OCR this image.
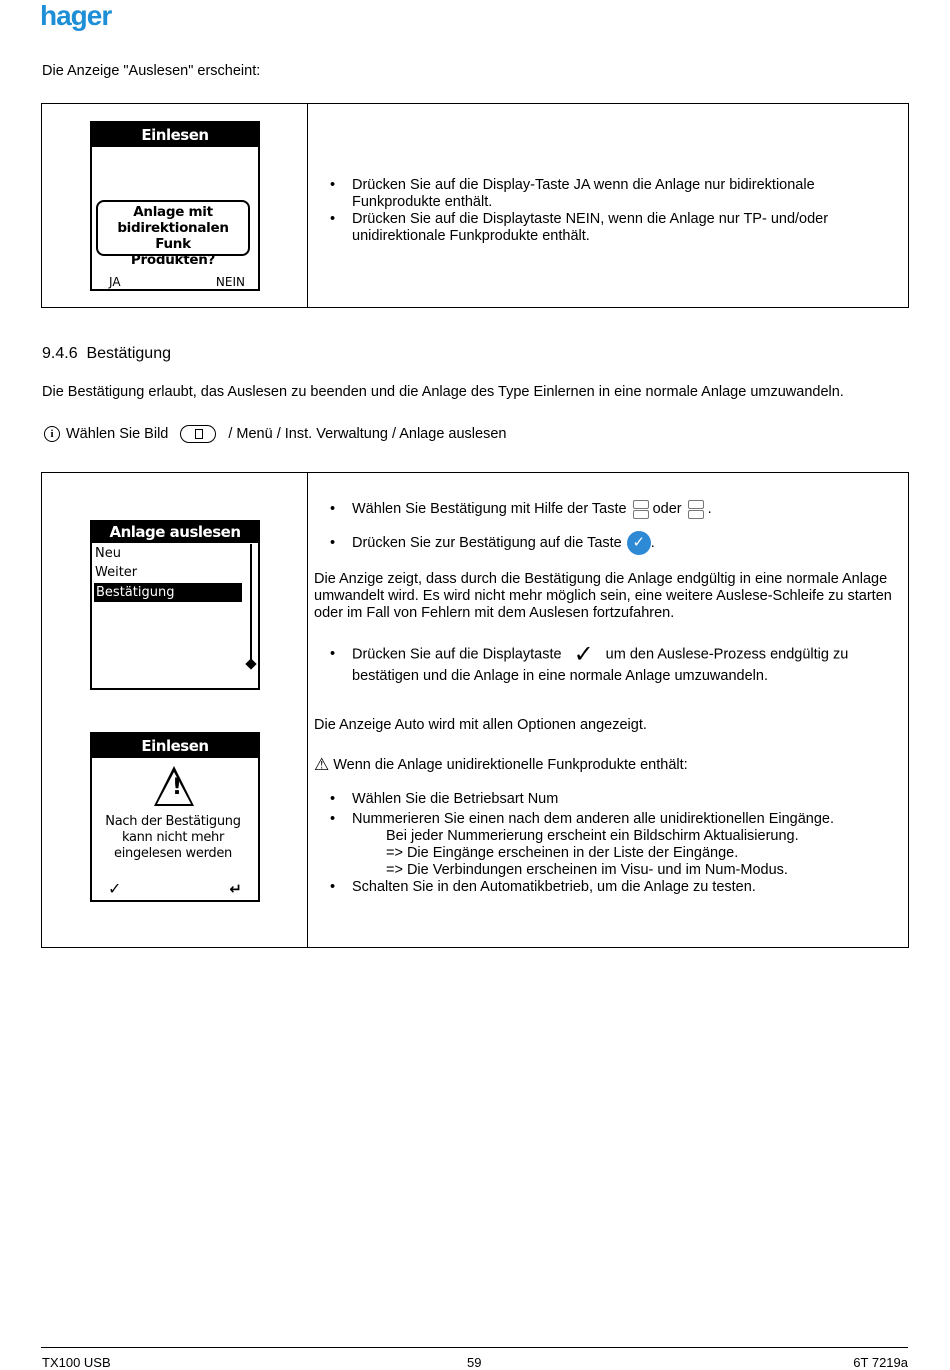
hager
Die Anzeige "Auslesen" erscheint:
Einlesen
Anlage mit
bidirektionalen Funk
Produkten?
JA	NEIN
• Drücken Sie auf die Display-Taste JA wenn die Anlage nur bidirektionale Funkprodukte enthält.
• Drücken Sie auf die Displaytaste NEIN, wenn die Anlage nur TP- und/oder unidirektionale Funkprodukte enthält.
9.4.6 Bestätigung
Die Bestätigung erlaubt, das Auslesen zu beenden und die Anlage des Type Einlernen in eine normale Anlage umzuwandeln.
i Wählen Sie Bild	/ Menü / Inst. Verwaltung / Anlage auslesen
Anlage auslesen
Neu
Weiter
Bestätigung
Einlesen
!
Nach der Bestätigung
kann nicht mehr
eingelesen werden
✓	↵
• Wählen Sie Bestätigung mit Hilfe der Taste oder .
• Drücken Sie zur Bestätigung auf die Taste ✓ .
Die Anzige zeigt, dass durch die Bestätigung die Anlage endgültig in eine normale Anlage umwandelt wird. Es wird nicht mehr möglich sein, eine weitere Auslese-Schleife zu starten oder im Fall von Fehlern mit dem Auslesen fortzufahren.
• Drücken Sie auf die Displaytaste ✓ um den Auslese-Prozess endgültig zu
bestätigen und die Anlage in eine normale Anlage umzuwandeln.
Die Anzeige Auto wird mit allen Optionen angezeigt.
⚠ Wenn die Anlage unidirektionelle Funkprodukte enthält:
• Wählen Sie die Betriebsart Num
• Nummerieren Sie einen nach dem anderen alle unidirektionellen Eingänge.
Bei jeder Nummerierung erscheint ein Bildschirm Aktualisierung.
=> Die Eingänge erscheinen in der Liste der Eingänge.
=> Die Verbindungen erscheinen im Visu- und im Num-Modus.
• Schalten Sie in den Automatikbetrieb, um die Anlage zu testen.
TX100 USB	59	6T 7219a
